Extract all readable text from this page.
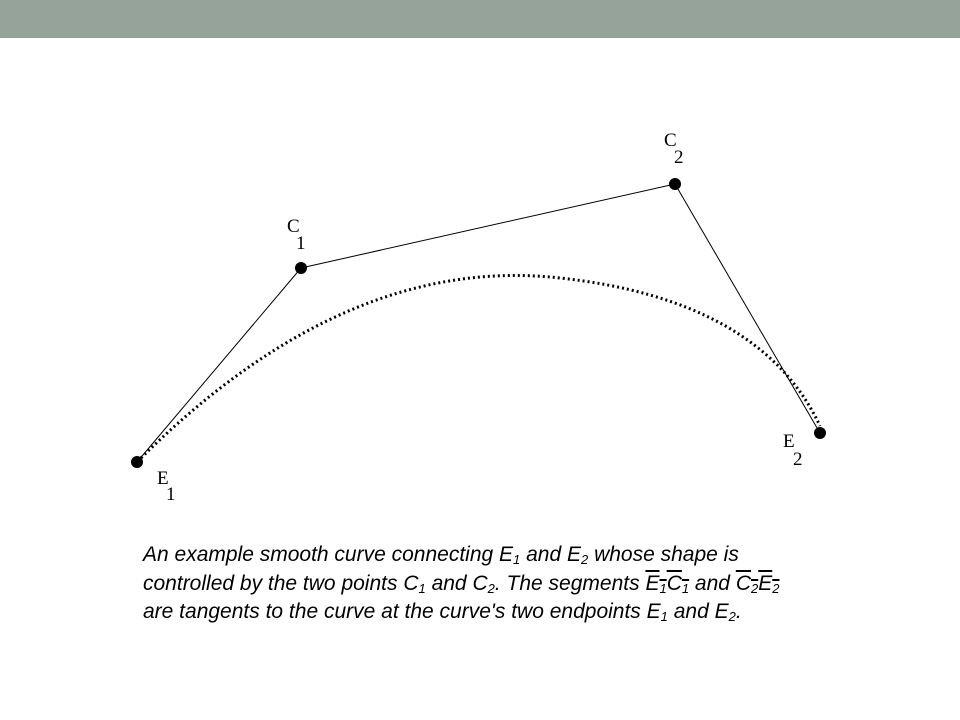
C
2
C
1
E
2
E
1

An example smooth curve connecting $E_1$ and $E_2$ whose shape is

controlled by the two points $C_1$ and $C_2$. The segments $E_1C_1$ and $C_2E_2$

are tangents to the curve at the curve's two endpoints $E_1$ and $E_2$.
